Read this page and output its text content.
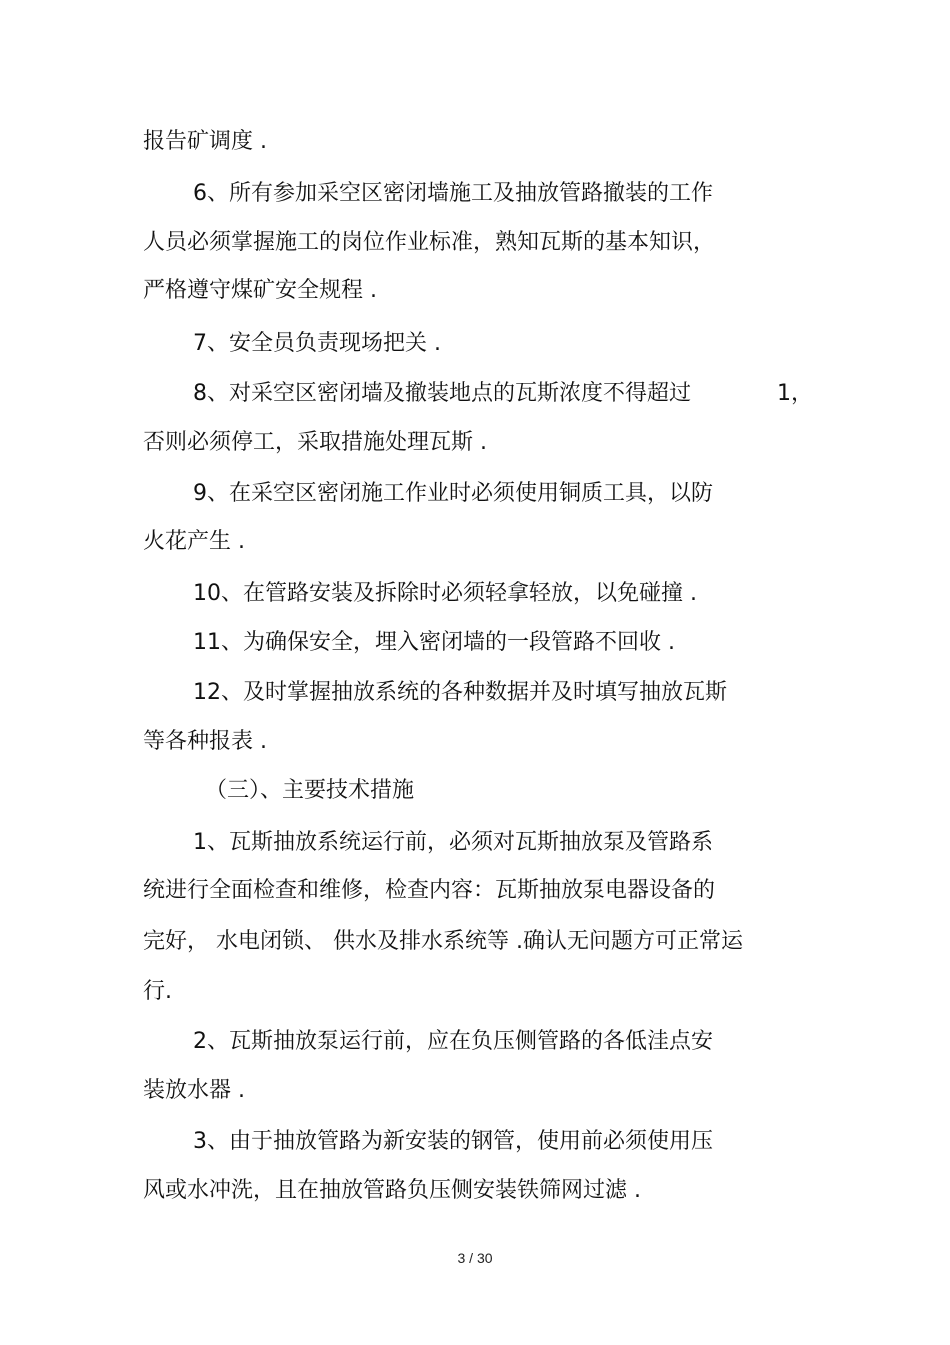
报告矿调度 .
6、所有参加采空区密闭墙施工及抽放管路撤装的工作
人员必须掌握施工的岗位作业标准，熟知瓦斯的基本知识，
严格遵守煤矿安全规程 .
7、安全员负责现场把关 .
8、对采空区密闭墙及撤装地点的瓦斯浓度不得超过	1，
否则必须停工，采取措施处理瓦斯 .
9、在采空区密闭施工作业时必须使用铜质工具，以防
火花产生 .
10、在管路安装及拆除时必须轻拿轻放，以免碰撞 .
11、为确保安全，埋入密闭墙的一段管路不回收 .
12、及时掌握抽放系统的各种数据并及时填写抽放瓦斯
等各种报表 .
（三）、主要技术措施
1、瓦斯抽放系统运行前，必须对瓦斯抽放泵及管路系
统进行全面检查和维修，检查内容：瓦斯抽放泵电器设备的
完好， 水电闭锁、 供水及排水系统等 .确认无问题方可正常运
行.
2、瓦斯抽放泵运行前，应在负压侧管路的各低洼点安
装放水器 .
3、由于抽放管路为新安装的钢管，使用前必须使用压
风或水冲洗，且在抽放管路负压侧安装铁筛网过滤 .
3 / 30
